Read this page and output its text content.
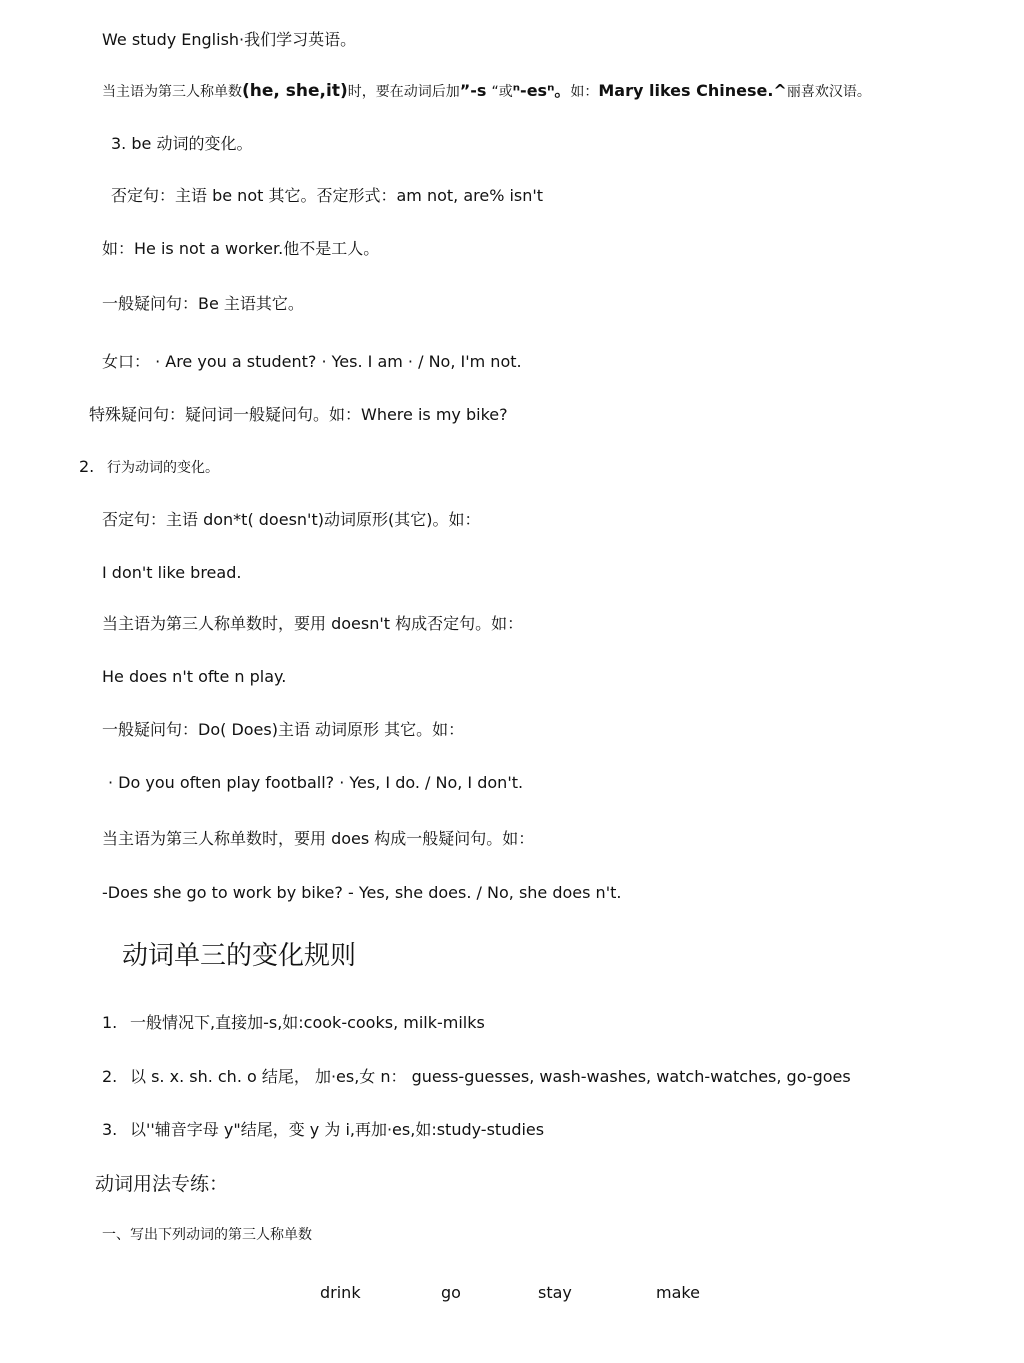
We study English·我们学习英语。
当主语为第三人称单数(he, she,it)时，要在动词后加”-s “或ⁿ-esⁿ。如：Mary likes Chinese.^丽喜欢汉语。
3. be 动词的变化。
否定句：主语 be not 其它。否定形式：am not, are% isn't
如：He is not a worker.他不是工人。
一般疑问句：Be 主语其它。
女口： · Are you a student? · Yes. I am · / No, I'm not.
特殊疑问句：疑问词一般疑问句。如：Where is my bike?
2. 行为动词的变化。
否定句：主语 don*t( doesn't)动词原形(其它)。如：
I don't like bread.
当主语为第三人称单数时，要用 doesn't 构成否定句。如：
He does n't ofte n play.
一般疑问句：Do( Does)主语 动词原形 其它。如：
· Do you often play football? · Yes, I do. / No, I don't.
当主语为第三人称单数时，要用 does 构成一般疑问句。如：
-Does she go to work by bike? - Yes, she does. / No, she does n't.
动词单三的变化规则
1. 一般情况下,直接加-s,如:cook-cooks, milk-milks
2. 以 s. x. sh. ch. o 结尾， 加·es,女 n： guess-guesses, wash-washes, watch-watches, go-goes
3. 以''辅音字母 y"结尾，变 y 为 i,再加·es,如:study-studies
动词用法专练：
一、写出下列动词的第三人称单数
drink	go	stay	make
